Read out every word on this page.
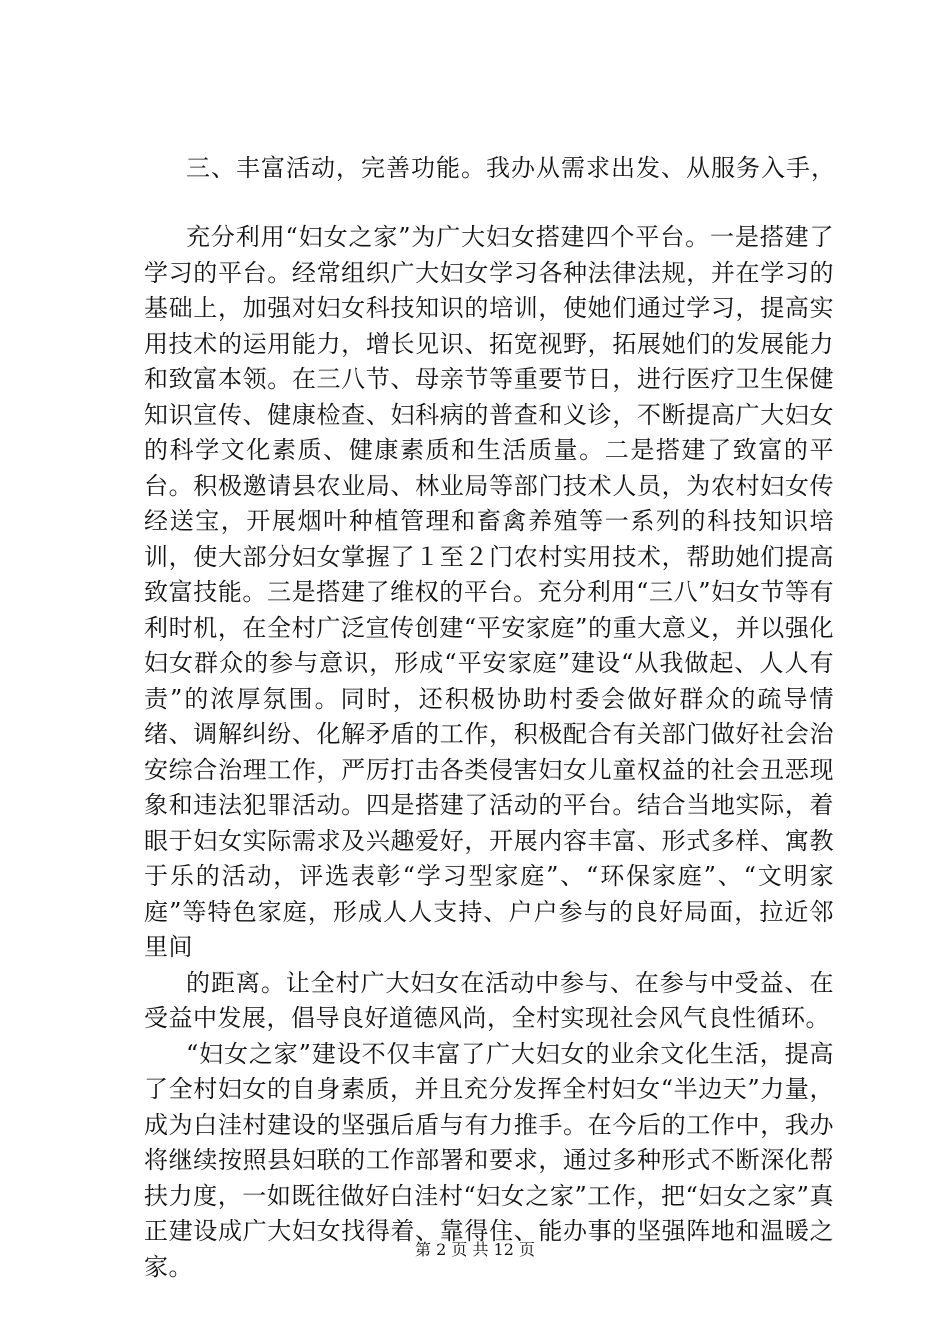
三、丰富活动，完善功能。我办从需求出发、从服务入手，

充分利用“妇女之家”为广大妇女搭建四个平台。一是搭建了学习的平台。经常组织广大妇女学习各种法律法规，并在学习的基础上，加强对妇女科技知识的培训，使她们通过学习，提高实用技术的运用能力，增长见识、拓宽视野，拓展她们的发展能力和致富本领。在三八节、母亲节等重要节日，进行医疗卫生保健知识宣传、健康检查、妇科病的普查和义诊，不断提高广大妇女的科学文化素质、健康素质和生活质量。二是搭建了致富的平台。积极邀请县农业局、林业局等部门技术人员，为农村妇女传经送宝，开展烟叶种植管理和畜禽养殖等一系列的科技知识培训，使大部分妇女掌握了１至２门农村实用技术，帮助她们提高致富技能。三是搭建了维权的平台。充分利用“三八”妇女节等有利时机，在全村广泛宣传创建“平安家庭”的重大意义，并以强化妇女群众的参与意识，形成“平安家庭”建设“从我做起、人人有责”的浓厚氛围。同时，还积极协助村委会做好群众的疏导情绪、调解纠纷、化解矛盾的工作，积极配合有关部门做好社会治安综合治理工作，严厉打击各类侵害妇女儿童权益的社会丑恶现象和违法犯罪活动。四是搭建了活动的平台。结合当地实际，着眼于妇女实际需求及兴趣爱好，开展内容丰富、形式多样、寓教于乐的活动，评选表彰“学习型家庭”、“环保家庭”、“文明家庭”等特色家庭，形成人人支持、户户参与的良好局面，拉近邻里间

的距离。让全村广大妇女在活动中参与、在参与中受益、在受益中发展，倡导良好道德风尚，全村实现社会风气良性循环。

“妇女之家”建设不仅丰富了广大妇女的业余文化生活，提高了全村妇女的自身素质，并且充分发挥全村妇女“半边天”力量，成为白洼村建设的坚强后盾与有力推手。在今后的工作中，我办将继续按照县妇联的工作部署和要求，通过多种形式不断深化帮扶力度，一如既往做好白洼村“妇女之家”工作，把“妇女之家”真正建设成广大妇女找得着、靠得住、能办事的坚强阵地和温暖之家。

第 2 页 共 12 页
